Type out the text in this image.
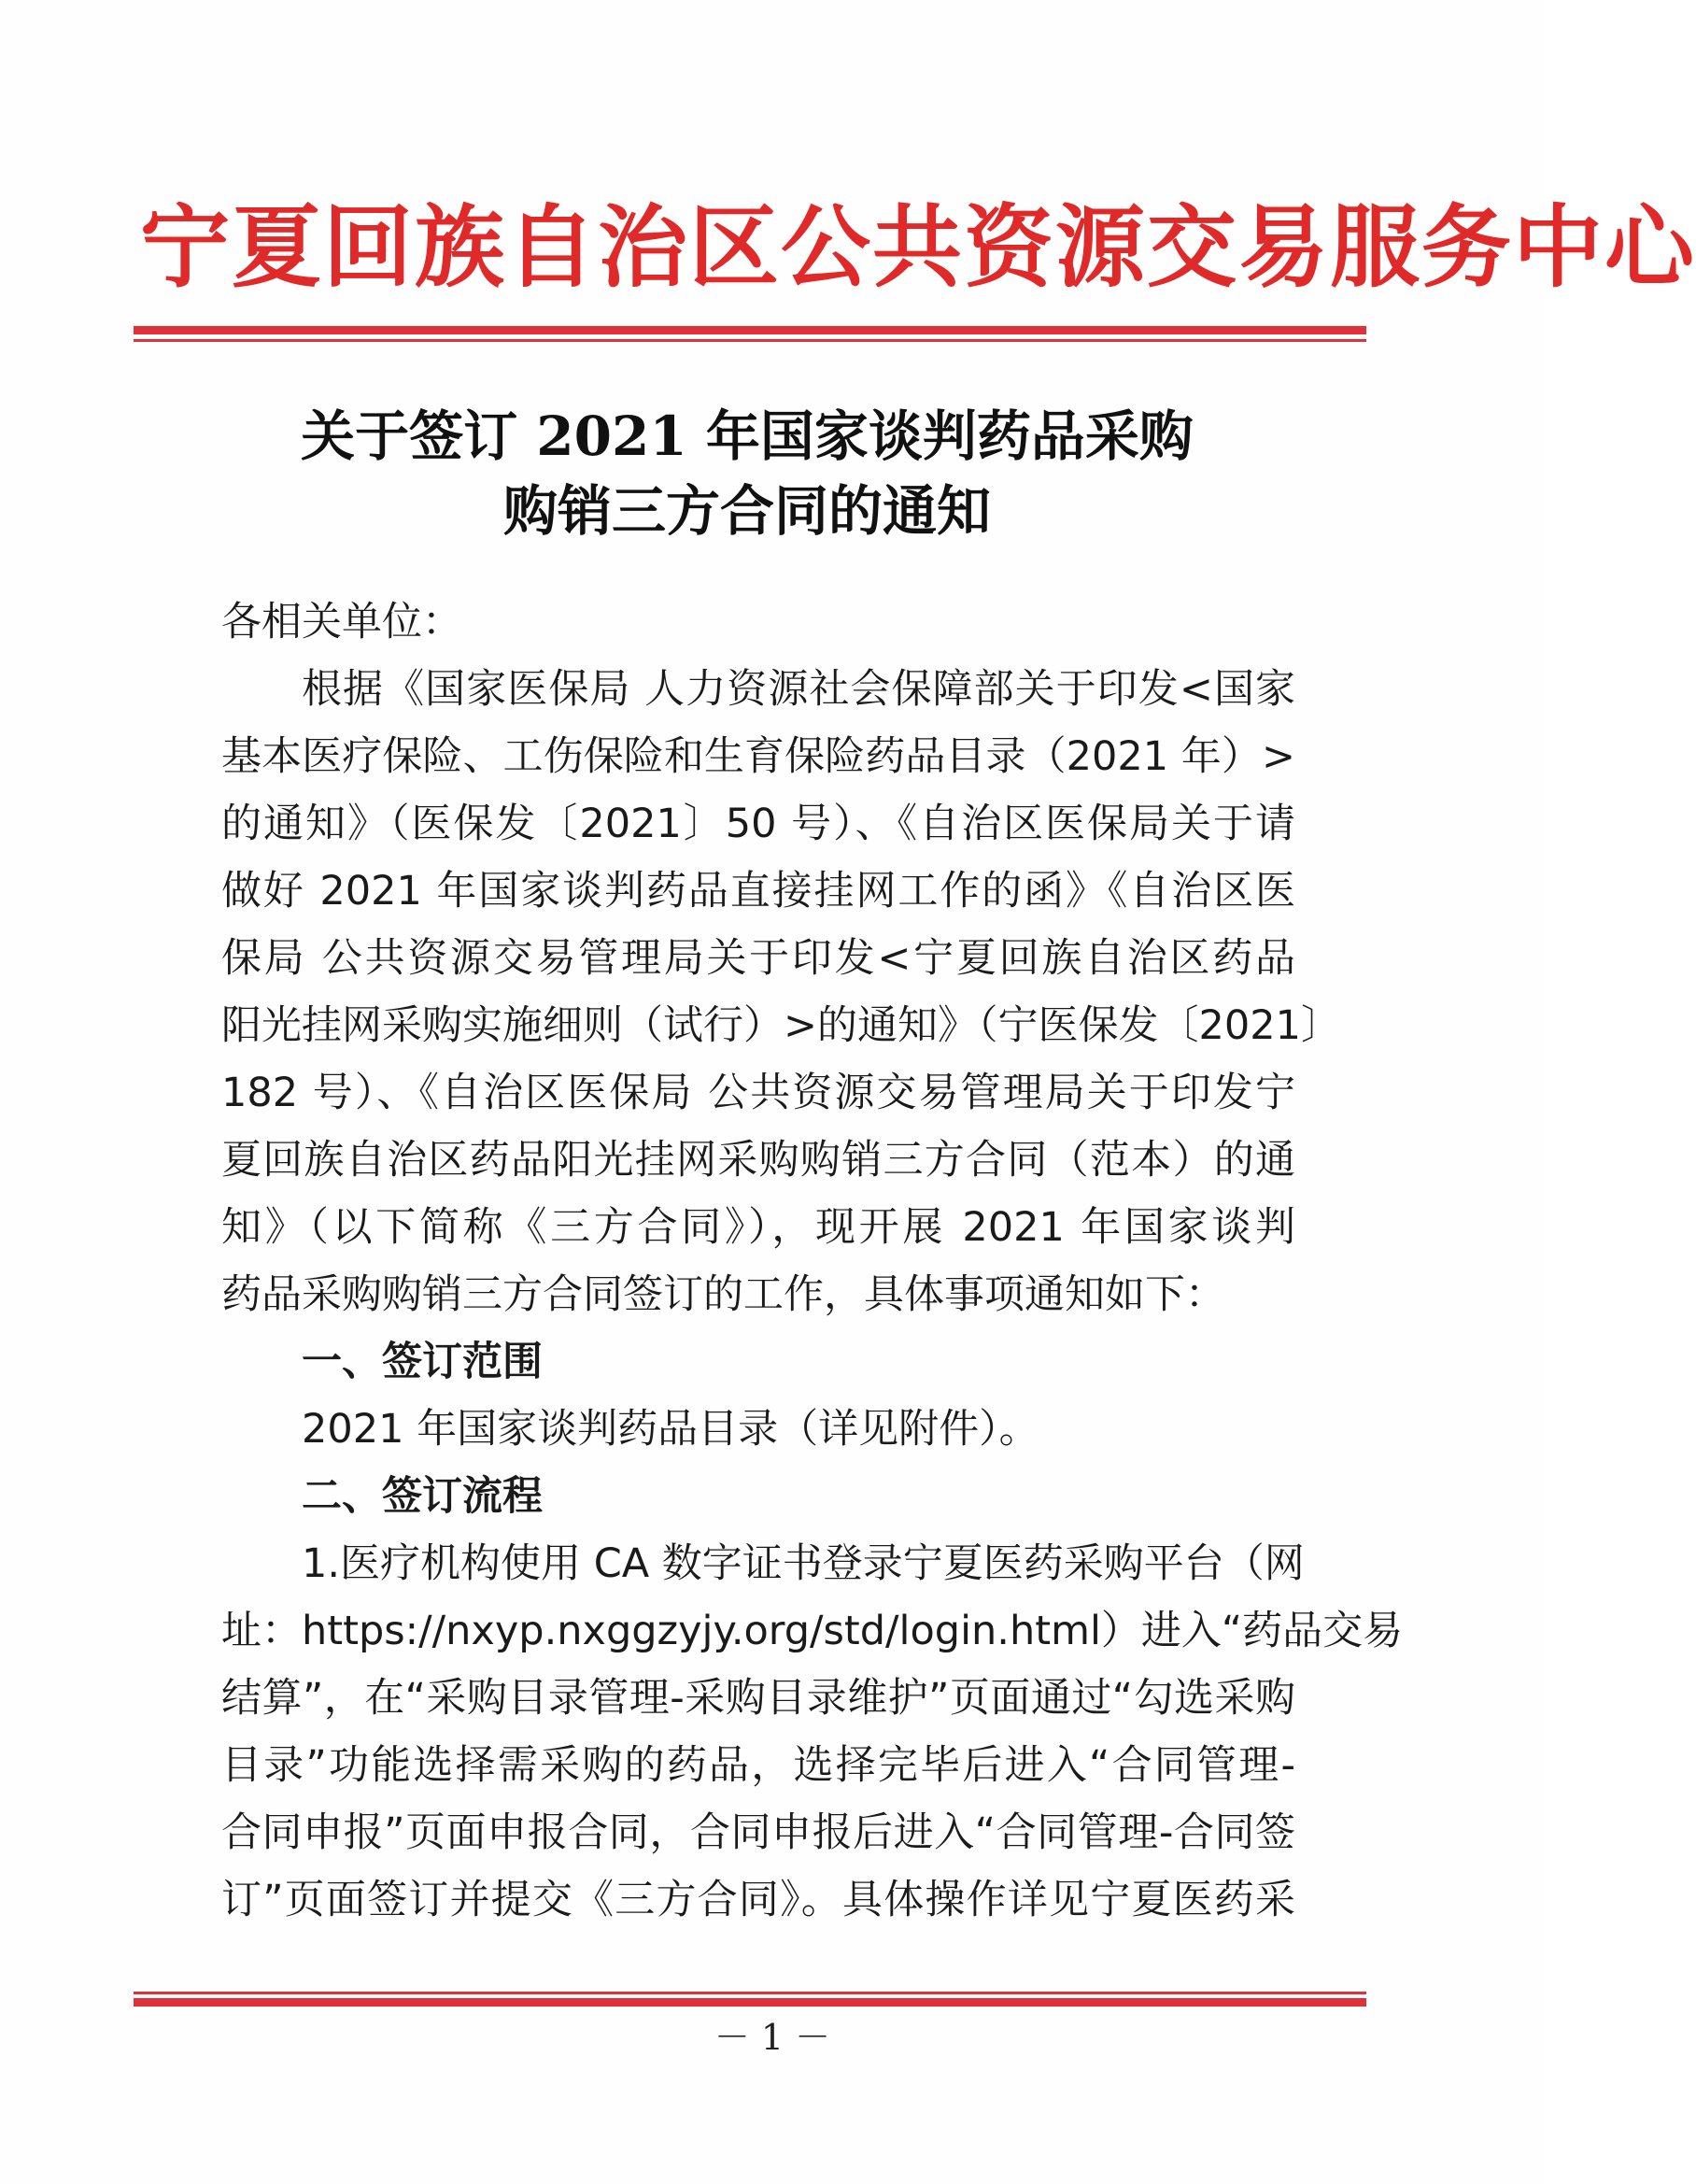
宁夏回族自治区公共资源交易服务中心
关于签订 2021 年国家谈判药品采购
购销三方合同的通知
各相关单位：
根据《国家医保局 人力资源社会保障部关于印发<国家
基本医疗保险、工伤保险和生育保险药品目录（2021 年）>
的通知》（医保发〔2021〕50 号）、《自治区医保局关于请
做好 2021 年国家谈判药品直接挂网工作的函》《自治区医
保局 公共资源交易管理局关于印发<宁夏回族自治区药品
阳光挂网采购实施细则（试行）>的通知》（宁医保发〔2021〕
182 号）、《自治区医保局 公共资源交易管理局关于印发宁
夏回族自治区药品阳光挂网采购购销三方合同（范本）的通
知》（以下简称《三方合同》），现开展 2021 年国家谈判
药品采购购销三方合同签订的工作，具体事项通知如下：
一、签订范围
2021 年国家谈判药品目录（详见附件）。
二、签订流程
1.医疗机构使用 CA 数字证书登录宁夏医药采购平台（网
址：https://nxyp.nxggzyjy.org/std/login.html）进入“药品交易
结算”，在“采购目录管理-采购目录维护”页面通过“勾选采购
目录”功能选择需采购的药品，选择完毕后进入“合同管理-
合同申报”页面申报合同，合同申报后进入“合同管理-合同签
订”页面签订并提交《三方合同》。具体操作详见宁夏医药采
－ 1 －
